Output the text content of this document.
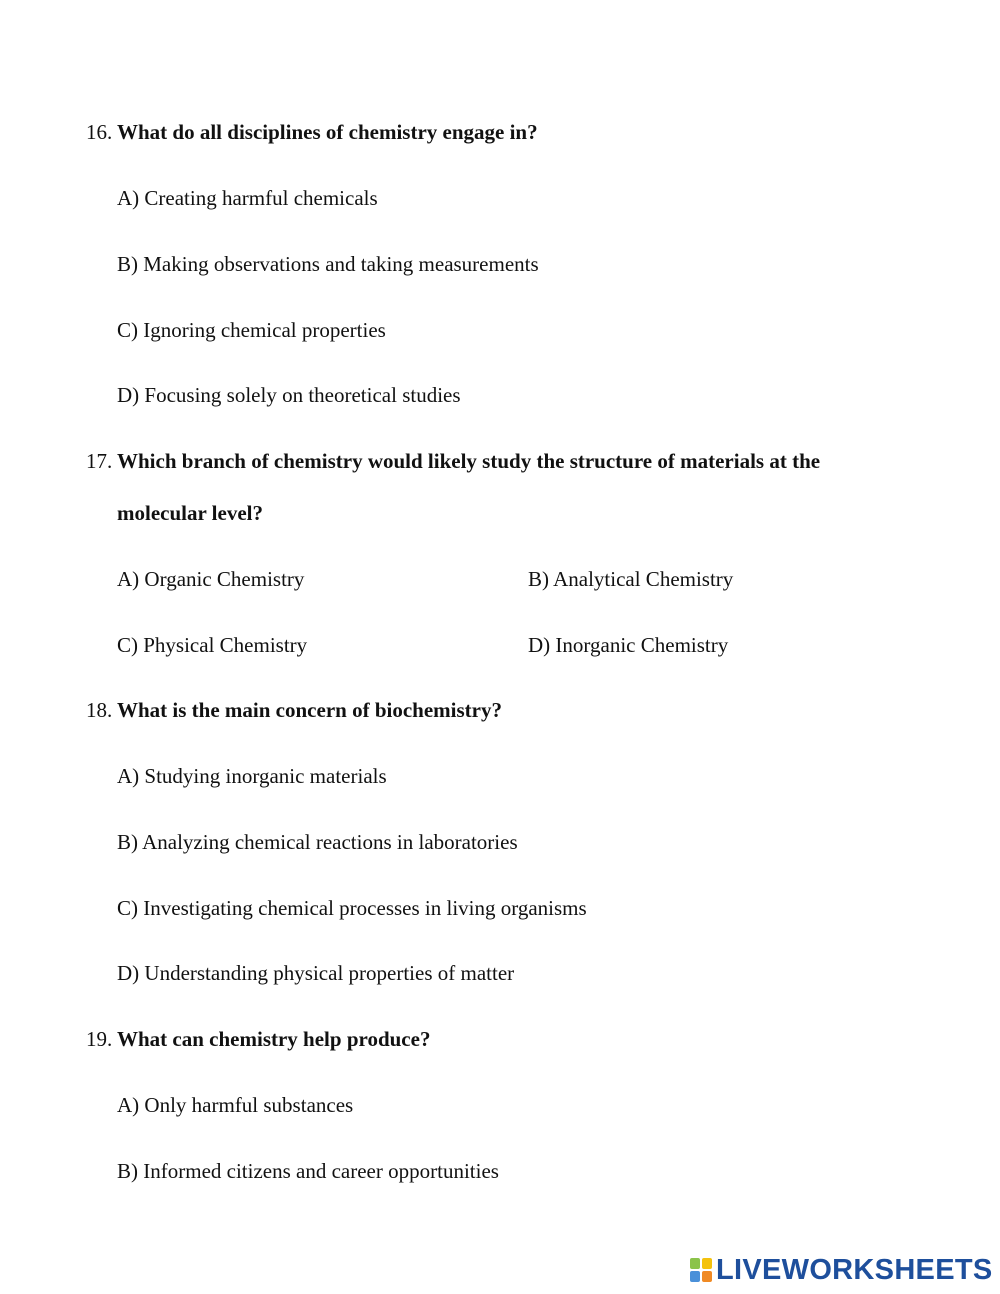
16. What do all disciplines of chemistry engage in?
A) Creating harmful chemicals
B) Making observations and taking measurements
C) Ignoring chemical properties
D) Focusing solely on theoretical studies
17. Which branch of chemistry would likely study the structure of materials at the
molecular level?
A) Organic Chemistry	B) Analytical Chemistry
C) Physical Chemistry	D) Inorganic Chemistry
18. What is the main concern of biochemistry?
A) Studying inorganic materials
B) Analyzing chemical reactions in laboratories
C) Investigating chemical processes in living organisms
D) Understanding physical properties of matter
19. What can chemistry help produce?
A) Only harmful substances
B) Informed citizens and career opportunities
LIVEWORKSHEETS
